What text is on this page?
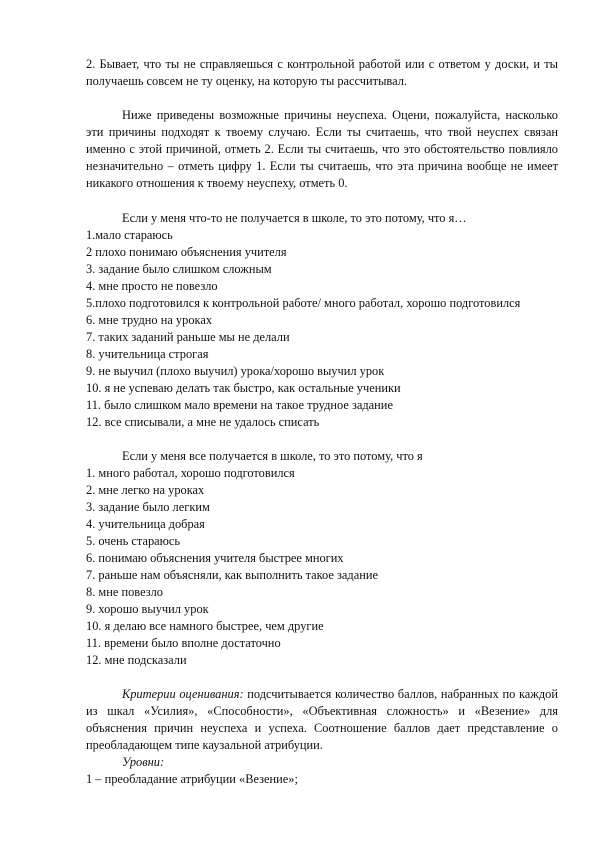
2. Бывает, что ты не справляешься с контрольной работой или с ответом у доски, и ты получаешь совсем не ту оценку, на которую ты рассчитывал.

Ниже приведены возможные причины неуспеха. Оцени, пожалуйста, насколько эти причины подходят к твоему случаю. Если ты считаешь, что твой неуспех связан именно с этой причиной, отметь 2. Если ты считаешь, что это обстоятельство повлияло незначительно – отметь цифру 1. Если ты считаешь, что эта причина вообще не имеет никакого отношения к твоему неуспеху, отметь 0.

Если у меня что-то не получается в школе, то это потому, что я…

1.мало стараюсь
2 плохо понимаю объяснения учителя
3. задание было слишком сложным
4. мне просто не повезло

5.плохо подготовился к контрольной работе/ много работал, хорошо подготовился

6. мне трудно на уроках
7. таких заданий раньше мы не делали
8. учительница строгая
9. не выучил (плохо выучил) урока/хорошо выучил урок
10. я не успеваю делать так быстро, как остальные ученики
11. было слишком мало времени на такое трудное задание
12. все списывали, а мне не удалось списать

Если у меня все получается в школе, то это потому, что я

1. много работал, хорошо подготовился
2. мне легко на уроках
3. задание было легким
4. учительница добрая
5. очень стараюсь
6. понимаю объяснения учителя быстрее многих
7. раньше нам объясняли, как выполнить такое задание
8. мне повезло
9. хорошо выучил урок
10. я делаю все намного быстрее, чем другие
11. времени было вполне достаточно
12. мне подсказали

Критерии оценивания: подсчитывается количество баллов, набранных по каждой из шкал «Усилия», «Способности», «Объективная сложность» и «Везение» для объяснения причин неуспеха и успеха. Соотношение баллов дает представление о преобладающем типе каузальной атрибуции.

Уровни:

1 – преобладание атрибуции «Везение»;
